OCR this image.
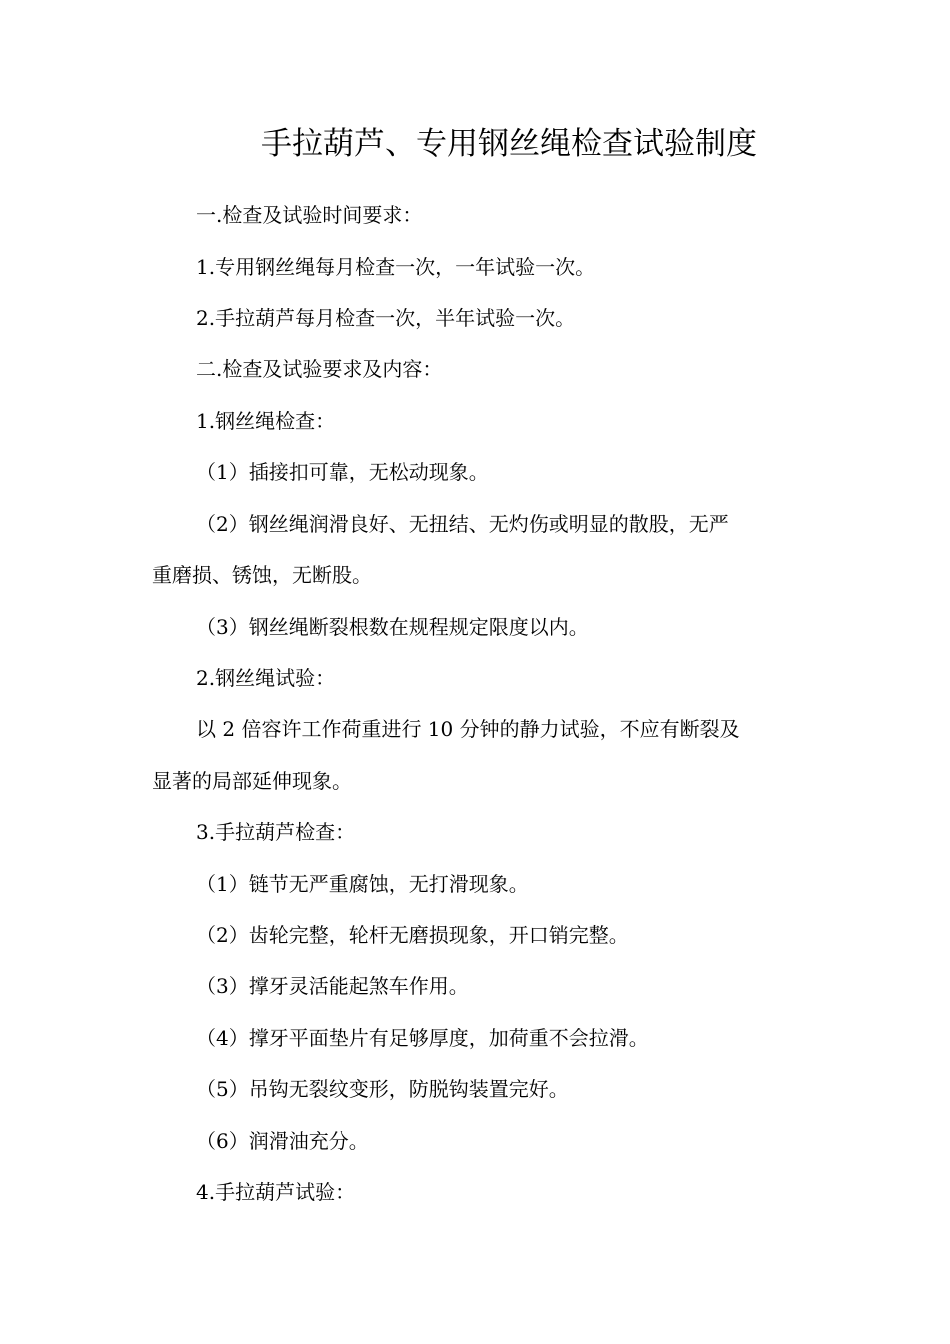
手拉葫芦、专用钢丝绳检查试验制度
一.检查及试验时间要求：
1.专用钢丝绳每月检查一次，一年试验一次。
2.手拉葫芦每月检查一次，半年试验一次。
二.检查及试验要求及内容：
1.钢丝绳检查：
（1）插接扣可靠，无松动现象。
（2）钢丝绳润滑良好、无扭结、无灼伤或明显的散股，无严
重磨损、锈蚀，无断股。
（3）钢丝绳断裂根数在规程规定限度以内。
2.钢丝绳试验：
以 2 倍容许工作荷重进行 10 分钟的静力试验，不应有断裂及
显著的局部延伸现象。
3.手拉葫芦检查：
（1）链节无严重腐蚀，无打滑现象。
（2）齿轮完整，轮杆无磨损现象，开口销完整。
（3）撑牙灵活能起煞车作用。
（4）撑牙平面垫片有足够厚度，加荷重不会拉滑。
（5）吊钩无裂纹变形，防脱钩装置完好。
（6）润滑油充分。
4.手拉葫芦试验：
